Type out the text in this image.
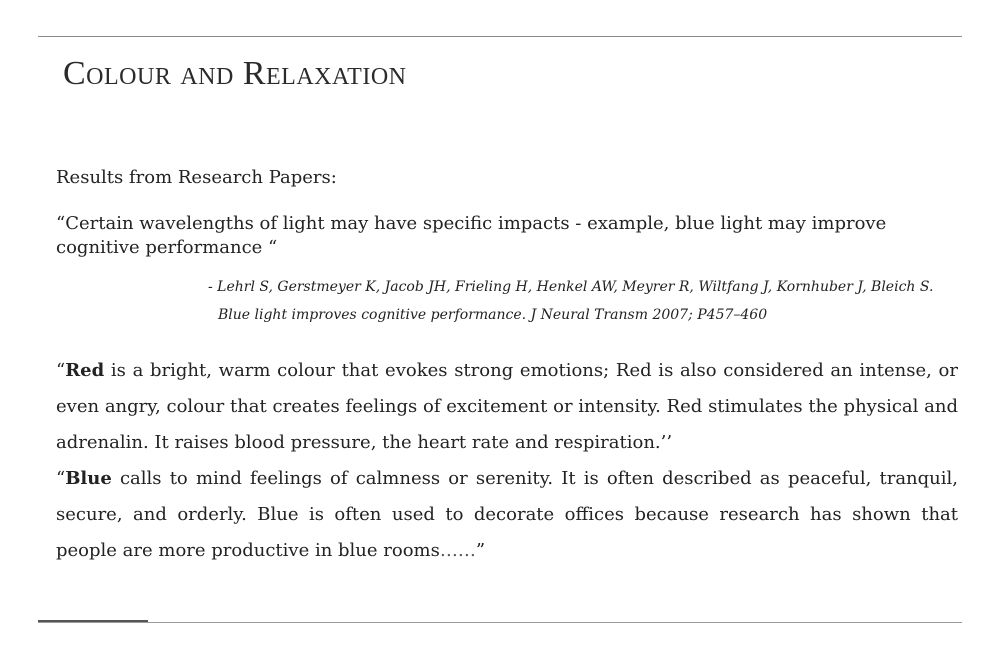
Colour and Relaxation
Results from Research Papers:
“Certain wavelengths of light may have specific impacts - example, blue light may improve cognitive performance “
- Lehrl S, Gerstmeyer K, Jacob JH, Frieling H, Henkel AW, Meyrer R, Wiltfang J, Kornhuber J, Bleich S.
Blue light improves cognitive performance. J Neural Transm 2007; P457–460

“Red is a bright, warm colour that evokes strong emotions; Red is also considered an intense, or even angry, colour that creates feelings of excitement or intensity. Red stimulates the physical and adrenalin. It raises blood pressure, the heart rate and respiration.’’

“Blue calls to mind feelings of calmness or serenity. It is often described as peaceful, tranquil, secure, and orderly. Blue is often used to decorate offices because research has shown that people are more productive in blue rooms……”
